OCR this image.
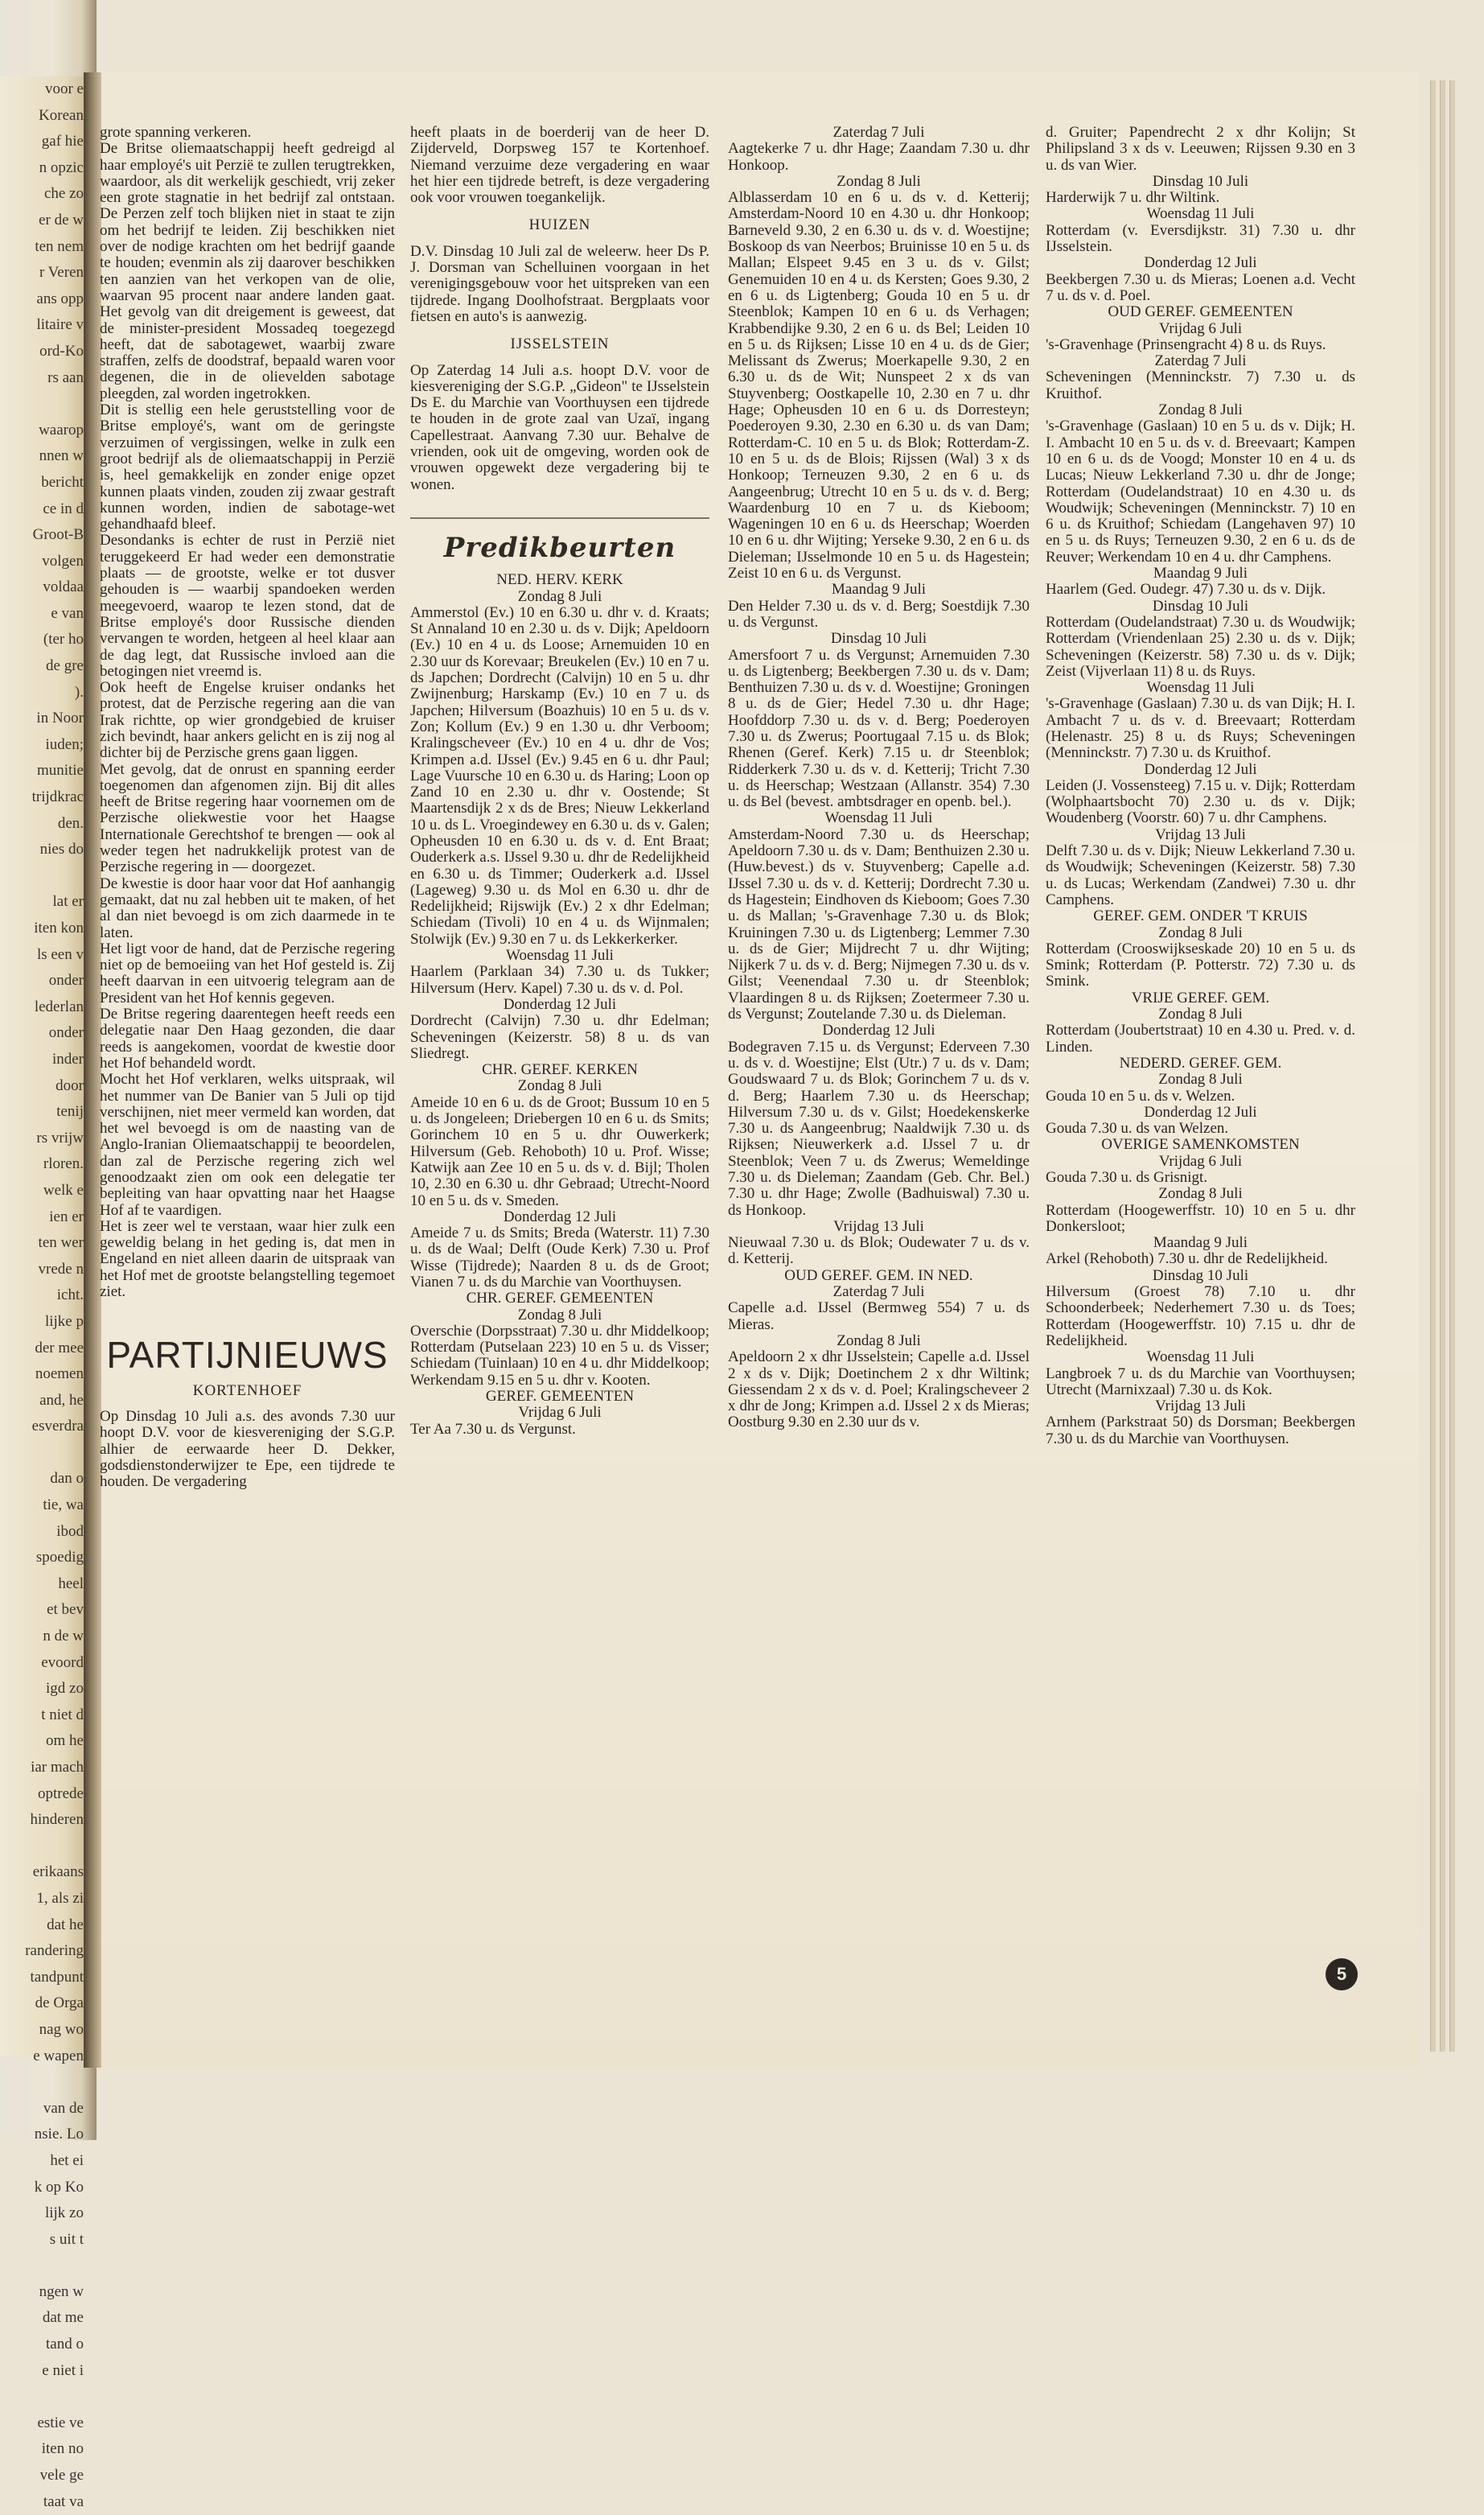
voor e
Korean
gaf hie
n opzic
che zo
er de w
ten nem
r Veren
ans opp
litaire v
ord-Ko
rs aan

waarop
nnen w
bericht
ce in d
Groot-B
volgen
voldaa
e van
(ter ho
de gre
).
in Noor
iuden;
munitie
trijdkrac
den.
nies do

lat er
iten kon
ls een v
onder
lederlan
onder
inder
door
tenij
rs vrijw
rloren.
welk e
ien er
ten wer
vrede n
icht.
lijke p
der mee
noemen
and, he
esverdra

dan o
tie, wa
ibod
spoedig
heel
et bev
n de w
evoord
igd zo
t niet d
om he
iar mach
optrede
hinderen

erikaans
1, als zi
dat he
randering
tandpunt
de Orga
nag wo
e wapen

van de
nsie. Lo
het ei
k op Ko
lijk zo
s uit t

ngen w
dat me
tand o
e niet i

estie ve
iten no
vele ge
taat va

grote spanning verkeren.

De Britse oliemaatschappij heeft gedreigd al haar employé's uit Perzië te zullen terugtrekken, waardoor, als dit werkelijk geschiedt, vrij zeker een grote stagnatie in het bedrijf zal ontstaan. De Perzen zelf toch blijken niet in staat te zijn om het bedrijf te leiden. Zij beschikken niet over de nodige krachten om het bedrijf gaande te houden; evenmin als zij daarover beschikken ten aanzien van het verkopen van de olie, waarvan 95 procent naar andere landen gaat. Het gevolg van dit dreigement is geweest, dat de minister-president Mossadeq toegezegd heeft, dat de sabotagewet, waarbij zware straffen, zelfs de doodstraf, bepaald waren voor degenen, die in de olievelden sabotage pleegden, zal worden ingetrokken.

Dit is stellig een hele geruststelling voor de Britse employé's, want om de geringste verzuimen of vergissingen, welke in zulk een groot bedrijf als de oliemaatschappij in Perzië is, heel gemakkelijk en zonder enige opzet kunnen plaats vinden, zouden zij zwaar gestraft kunnen worden, indien de sabotage-wet gehandhaafd bleef.

Desondanks is echter de rust in Perzië niet teruggekeerd Er had weder een demonstratie plaats — de grootste, welke er tot dusver gehouden is — waarbij spandoeken werden meegevoerd, waarop te lezen stond, dat de Britse employé's door Russische dienden vervangen te worden, hetgeen al heel klaar aan de dag legt, dat Russische invloed aan die betogingen niet vreemd is.

Ook heeft de Engelse kruiser ondanks het protest, dat de Perzische regering aan die van Irak richtte, op wier grondgebied de kruiser zich bevindt, haar ankers gelicht en is zij nog al dichter bij de Perzische grens gaan liggen.

Met gevolg, dat de onrust en spanning eerder toegenomen dan afgenomen zijn. Bij dit alles heeft de Britse regering haar voornemen om de Perzische oliekwestie voor het Haagse Internationale Gerechtshof te brengen — ook al weder tegen het nadrukkelijk protest van de Perzische regering in — doorgezet.

De kwestie is door haar voor dat Hof aanhangig gemaakt, dat nu zal hebben uit te maken, of het al dan niet bevoegd is om zich daarmede in te laten.

Het ligt voor de hand, dat de Perzische regering niet op de bemoeiing van het Hof gesteld is. Zij heeft daarvan in een uitvoerig telegram aan de President van het Hof kennis gegeven.

De Britse regering daarentegen heeft reeds een delegatie naar Den Haag gezonden, die daar reeds is aangekomen, voordat de kwestie door het Hof behandeld wordt.

Mocht het Hof verklaren, welks uitspraak, wil het nummer van De Banier van 5 Juli op tijd verschijnen, niet meer vermeld kan worden, dat het wel bevoegd is om de naasting van de Anglo-Iranian Oliemaatschappij te beoordelen, dan zal de Perzische regering zich wel genoodzaakt zien om ook een delegatie ter bepleiting van haar opvatting naar het Haagse Hof af te vaardigen.

Het is zeer wel te verstaan, waar hier zulk een geweldig belang in het geding is, dat men in Engeland en niet alleen daarin de uitspraak van het Hof met de grootste belangstelling tegemoet ziet.

PARTIJNIEUWS
KORTENHOEF

Op Dinsdag 10 Juli a.s. des avonds 7.30 uur hoopt D.V. voor de kiesvereniging der S.G.P. alhier de eerwaarde heer D. Dekker, godsdienstonderwijzer te Epe, een tijdrede te houden. De vergadering

heeft plaats in de boerderij van de heer D. Zijderveld, Dorpsweg 157 te Kortenhoef. Niemand verzuime deze vergadering en waar het hier een tijdrede betreft, is deze vergadering ook voor vrouwen toegankelijk.

HUIZEN

D.V. Dinsdag 10 Juli zal de weleerw. heer Ds P. J. Dorsman van Schelluinen voorgaan in het verenigingsgebouw voor het uitspreken van een tijdrede. Ingang Doolhofstraat. Bergplaats voor fietsen en auto's is aanwezig.

IJSSELSTEIN

Op Zaterdag 14 Juli a.s. hoopt D.V. voor de kiesvereniging der S.G.P. „Gideon" te IJsselstein Ds E. du Marchie van Voorthuysen een tijdrede te houden in de grote zaal van Uzaï, ingang Capellestraat. Aanvang 7.30 uur. Behalve de vrienden, ook uit de omgeving, worden ook de vrouwen opgewekt deze vergadering bij te wonen.

Predikbeurten

NED. HERV. KERK

Zondag 8 Juli

Ammerstol (Ev.) 10 en 6.30 u. dhr v. d. Kraats; St Annaland 10 en 2.30 u. ds v. Dijk; Apeldoorn (Ev.) 10 en 4 u. ds Loose; Arnemuiden 10 en 2.30 uur ds Korevaar; Breukelen (Ev.) 10 en 7 u. ds Japchen; Dordrecht (Calvijn) 10 en 5 u. dhr Zwijnenburg; Harskamp (Ev.) 10 en 7 u. ds Japchen; Hilversum (Boazhuis) 10 en 5 u. ds v. Zon; Kollum (Ev.) 9 en 1.30 u. dhr Verboom; Kralingscheveer (Ev.) 10 en 4 u. dhr de Vos; Krimpen a.d. IJssel (Ev.) 9.45 en 6 u. dhr Paul; Lage Vuursche 10 en 6.30 u. ds Haring; Loon op Zand 10 en 2.30 u. dhr v. Oostende; St Maartensdijk 2 x ds de Bres; Nieuw Lekkerland 10 u. ds L. Vroegindewey en 6.30 u. ds v. Galen; Opheusden 10 en 6.30 u. ds v. d. Ent Braat; Ouderkerk a.s. IJssel 9.30 u. dhr de Redelijkheid en 6.30 u. ds Timmer; Ouderkerk a.d. IJssel (Lageweg) 9.30 u. ds Mol en 6.30 u. dhr de Redelijkheid; Rijswijk (Ev.) 2 x dhr Edelman; Schiedam (Tivoli) 10 en 4 u. ds Wijnmalen; Stolwijk (Ev.) 9.30 en 7 u. ds Lekkerkerker.

Woensdag 11 Juli

Haarlem (Parklaan 34) 7.30 u. ds Tukker; Hilversum (Herv. Kapel) 7.30 u. ds v. d. Pol.

Donderdag 12 Juli

Dordrecht (Calvijn) 7.30 u. dhr Edelman; Scheveningen (Keizerstr. 58) 8 u. ds van Sliedregt.

CHR. GEREF. KERKEN

Zondag 8 Juli

Ameide 10 en 6 u. ds de Groot; Bussum 10 en 5 u. ds Jongeleen; Driebergen 10 en 6 u. ds Smits; Gorinchem 10 en 5 u. dhr Ouwerkerk; Hilversum (Geb. Rehoboth) 10 u. Prof. Wisse; Katwijk aan Zee 10 en 5 u. ds v. d. Bijl; Tholen 10, 2.30 en 6.30 u. dhr Gebraad; Utrecht-Noord 10 en 5 u. ds v. Smeden.

Donderdag 12 Juli

Ameide 7 u. ds Smits; Breda (Waterstr. 11) 7.30 u. ds de Waal; Delft (Oude Kerk) 7.30 u. Prof Wisse (Tijdrede); Naarden 8 u. ds de Groot; Vianen 7 u. ds du Marchie van Voorthuysen.

CHR. GEREF. GEMEENTEN

Zondag 8 Juli

Overschie (Dorpsstraat) 7.30 u. dhr Middelkoop; Rotterdam (Putselaan 223) 10 en 5 u. ds Visser; Schiedam (Tuinlaan) 10 en 4 u. dhr Middelkoop; Werkendam 9.15 en 5 u. dhr v. Kooten.

GEREF. GEMEENTEN

Vrijdag 6 Juli

Ter Aa 7.30 u. ds Vergunst.

Zaterdag 7 Juli

Aagtekerke 7 u. dhr Hage; Zaandam 7.30 u. dhr Honkoop.

Zondag 8 Juli

Alblasserdam 10 en 6 u. ds v. d. Ketterij; Amsterdam-Noord 10 en 4.30 u. dhr Honkoop; Barneveld 9.30, 2 en 6.30 u. ds v. d. Woestijne; Boskoop ds van Neerbos; Bruinisse 10 en 5 u. ds Mallan; Elspeet 9.45 en 3 u. ds v. Gilst; Genemuiden 10 en 4 u. ds Kersten; Goes 9.30, 2 en 6 u. ds Ligtenberg; Gouda 10 en 5 u. dr Steenblok; Kampen 10 en 6 u. ds Verhagen; Krabbendijke 9.30, 2 en 6 u. ds Bel; Leiden 10 en 5 u. ds Rijksen; Lisse 10 en 4 u. ds de Gier; Melissant ds Zwerus; Moerkapelle 9.30, 2 en 6.30 u. ds de Wit; Nunspeet 2 x ds van Stuyvenberg; Oostkapelle 10, 2.30 en 7 u. dhr Hage; Opheusden 10 en 6 u. ds Dorresteyn; Poederoyen 9.30, 2.30 en 6.30 u. ds van Dam; Rotterdam-C. 10 en 5 u. ds Blok; Rotterdam-Z. 10 en 5 u. ds de Blois; Rijssen (Wal) 3 x ds Honkoop; Terneuzen 9.30, 2 en 6 u. ds Aangeenbrug; Utrecht 10 en 5 u. ds v. d. Berg; Waardenburg 10 en 7 u. ds Kieboom; Wageningen 10 en 6 u. ds Heerschap; Woerden 10 en 6 u. dhr Wijting; Yerseke 9.30, 2 en 6 u. ds Dieleman; IJsselmonde 10 en 5 u. ds Hagestein; Zeist 10 en 6 u. ds Vergunst.

Maandag 9 Juli

Den Helder 7.30 u. ds v. d. Berg; Soestdijk 7.30 u. ds Vergunst.

Dinsdag 10 Juli

Amersfoort 7 u. ds Vergunst; Arnemuiden 7.30 u. ds Ligtenberg; Beekbergen 7.30 u. ds v. Dam; Benthuizen 7.30 u. ds v. d. Woestijne; Groningen 8 u. ds de Gier; Hedel 7.30 u. dhr Hage; Hoofddorp 7.30 u. ds v. d. Berg; Poederoyen 7.30 u. ds Zwerus; Poortugaal 7.15 u. ds Blok; Rhenen (Geref. Kerk) 7.15 u. dr Steenblok; Ridderkerk 7.30 u. ds v. d. Ketterij; Tricht 7.30 u. ds Heerschap; Westzaan (Allanstr. 354) 7.30 u. ds Bel (bevest. ambtsdrager en openb. bel.).

Woensdag 11 Juli

Amsterdam-Noord 7.30 u. ds Heerschap; Apeldoorn 7.30 u. ds v. Dam; Benthuizen 2.30 u. (Huw.bevest.) ds v. Stuyvenberg; Capelle a.d. IJssel 7.30 u. ds v. d. Ketterij; Dordrecht 7.30 u. ds Hagestein; Eindhoven ds Kieboom; Goes 7.30 u. ds Mallan; 's-Gravenhage 7.30 u. ds Blok; Kruiningen 7.30 u. ds Ligtenberg; Lemmer 7.30 u. ds de Gier; Mijdrecht 7 u. dhr Wijting; Nijkerk 7 u. ds v. d. Berg; Nijmegen 7.30 u. ds v. Gilst; Veenendaal 7.30 u. dr Steenblok; Vlaardingen 8 u. ds Rijksen; Zoetermeer 7.30 u. ds Vergunst; Zoutelande 7.30 u. ds Dieleman.

Donderdag 12 Juli

Bodegraven 7.15 u. ds Vergunst; Ederveen 7.30 u. ds v. d. Woestijne; Elst (Utr.) 7 u. ds v. Dam; Goudswaard 7 u. ds Blok; Gorinchem 7 u. ds v. d. Berg; Haarlem 7.30 u. ds Heerschap; Hilversum 7.30 u. ds v. Gilst; Hoedekenskerke 7.30 u. ds Aangeenbrug; Naaldwijk 7.30 u. ds Rijksen; Nieuwerkerk a.d. IJssel 7 u. dr Steenblok; Veen 7 u. ds Zwerus; Wemeldinge 7.30 u. ds Dieleman; Zaandam (Geb. Chr. Bel.) 7.30 u. dhr Hage; Zwolle (Badhuiswal) 7.30 u. ds Honkoop.

Vrijdag 13 Juli

Nieuwaal 7.30 u. ds Blok; Oudewater 7 u. ds v. d. Ketterij.

OUD GEREF. GEM. IN NED.

Zaterdag 7 Juli

Capelle a.d. IJssel (Bermweg 554) 7 u. ds Mieras.

Zondag 8 Juli

Apeldoorn 2 x dhr IJsselstein; Capelle a.d. IJssel 2 x ds v. Dijk; Doetinchem 2 x dhr Wiltink; Giessendam 2 x ds v. d. Poel; Kralingscheveer 2 x dhr de Jong; Krimpen a.d. IJssel 2 x ds Mieras; Oostburg 9.30 en 2.30 uur ds v.

d. Gruiter; Papendrecht 2 x dhr Kolijn; St Philipsland 3 x ds v. Leeuwen; Rijssen 9.30 en 3 u. ds van Wier.

Dinsdag 10 Juli

Harderwijk 7 u. dhr Wiltink.

Woensdag 11 Juli

Rotterdam (v. Eversdijkstr. 31) 7.30 u. dhr IJsselstein.

Donderdag 12 Juli

Beekbergen 7.30 u. ds Mieras; Loenen a.d. Vecht 7 u. ds v. d. Poel.

OUD GEREF. GEMEENTEN

Vrijdag 6 Juli

's-Gravenhage (Prinsengracht 4) 8 u. ds Ruys.

Zaterdag 7 Juli

Scheveningen (Menninckstr. 7) 7.30 u. ds Kruithof.

Zondag 8 Juli

's-Gravenhage (Gaslaan) 10 en 5 u. ds v. Dijk; H. I. Ambacht 10 en 5 u. ds v. d. Breevaart; Kampen 10 en 6 u. ds de Voogd; Monster 10 en 4 u. ds Lucas; Nieuw Lekkerland 7.30 u. dhr de Jonge; Rotterdam (Oudelandstraat) 10 en 4.30 u. ds Woudwijk; Scheveningen (Menninckstr. 7) 10 en 6 u. ds Kruithof; Schiedam (Langehaven 97) 10 en 5 u. ds Ruys; Terneuzen 9.30, 2 en 6 u. ds de Reuver; Werkendam 10 en 4 u. dhr Camphens.

Maandag 9 Juli

Haarlem (Ged. Oudegr. 47) 7.30 u. ds v. Dijk.

Dinsdag 10 Juli

Rotterdam (Oudelandstraat) 7.30 u. ds Woudwijk; Rotterdam (Vriendenlaan 25) 2.30 u. ds v. Dijk; Scheveningen (Keizerstr. 58) 7.30 u. ds v. Dijk; Zeist (Vijverlaan 11) 8 u. ds Ruys.

Woensdag 11 Juli

's-Gravenhage (Gaslaan) 7.30 u. ds van Dijk; H. I. Ambacht 7 u. ds v. d. Breevaart; Rotterdam (Helenastr. 25) 8 u. ds Ruys; Scheveningen (Menninckstr. 7) 7.30 u. ds Kruithof.

Donderdag 12 Juli

Leiden (J. Vossensteeg) 7.15 u. v. Dijk; Rotterdam (Wolphaartsbocht 70) 2.30 u. ds v. Dijk; Woudenberg (Voorstr. 60) 7 u. dhr Camphens.

Vrijdag 13 Juli

Delft 7.30 u. ds v. Dijk; Nieuw Lekkerland 7.30 u. ds Woudwijk; Scheveningen (Keizerstr. 58) 7.30 u. ds Lucas; Werkendam (Zandwei) 7.30 u. dhr Camphens.

GEREF. GEM. ONDER 'T KRUIS

Zondag 8 Juli

Rotterdam (Crooswijkseskade 20) 10 en 5 u. ds Smink; Rotterdam (P. Potterstr. 72) 7.30 u. ds Smink.

VRIJE GEREF. GEM.

Zondag 8 Juli

Rotterdam (Joubertstraat) 10 en 4.30 u. Pred. v. d. Linden.

NEDERD. GEREF. GEM.

Zondag 8 Juli

Gouda 10 en 5 u. ds v. Welzen.

Donderdag 12 Juli

Gouda 7.30 u. ds van Welzen.

OVERIGE SAMENKOMSTEN

Vrijdag 6 Juli

Gouda 7.30 u. ds Grisnigt.

Zondag 8 Juli

Rotterdam (Hoogewerffstr. 10) 10 en 5 u. dhr Donkersloot;

Maandag 9 Juli

Arkel (Rehoboth) 7.30 u. dhr de Redelijkheid.

Dinsdag 10 Juli

Hilversum (Groest 78) 7.10 u. dhr Schoonderbeek; Nederhemert 7.30 u. ds Toes; Rotterdam (Hoogewerffstr. 10) 7.15 u. dhr de Redelijkheid.

Woensdag 11 Juli

Langbroek 7 u. ds du Marchie van Voorthuysen; Utrecht (Marnixzaal) 7.30 u. ds Kok.

Vrijdag 13 Juli

Arnhem (Parkstraat 50) ds Dorsman; Beekbergen 7.30 u. ds du Marchie van Voorthuysen.

5
